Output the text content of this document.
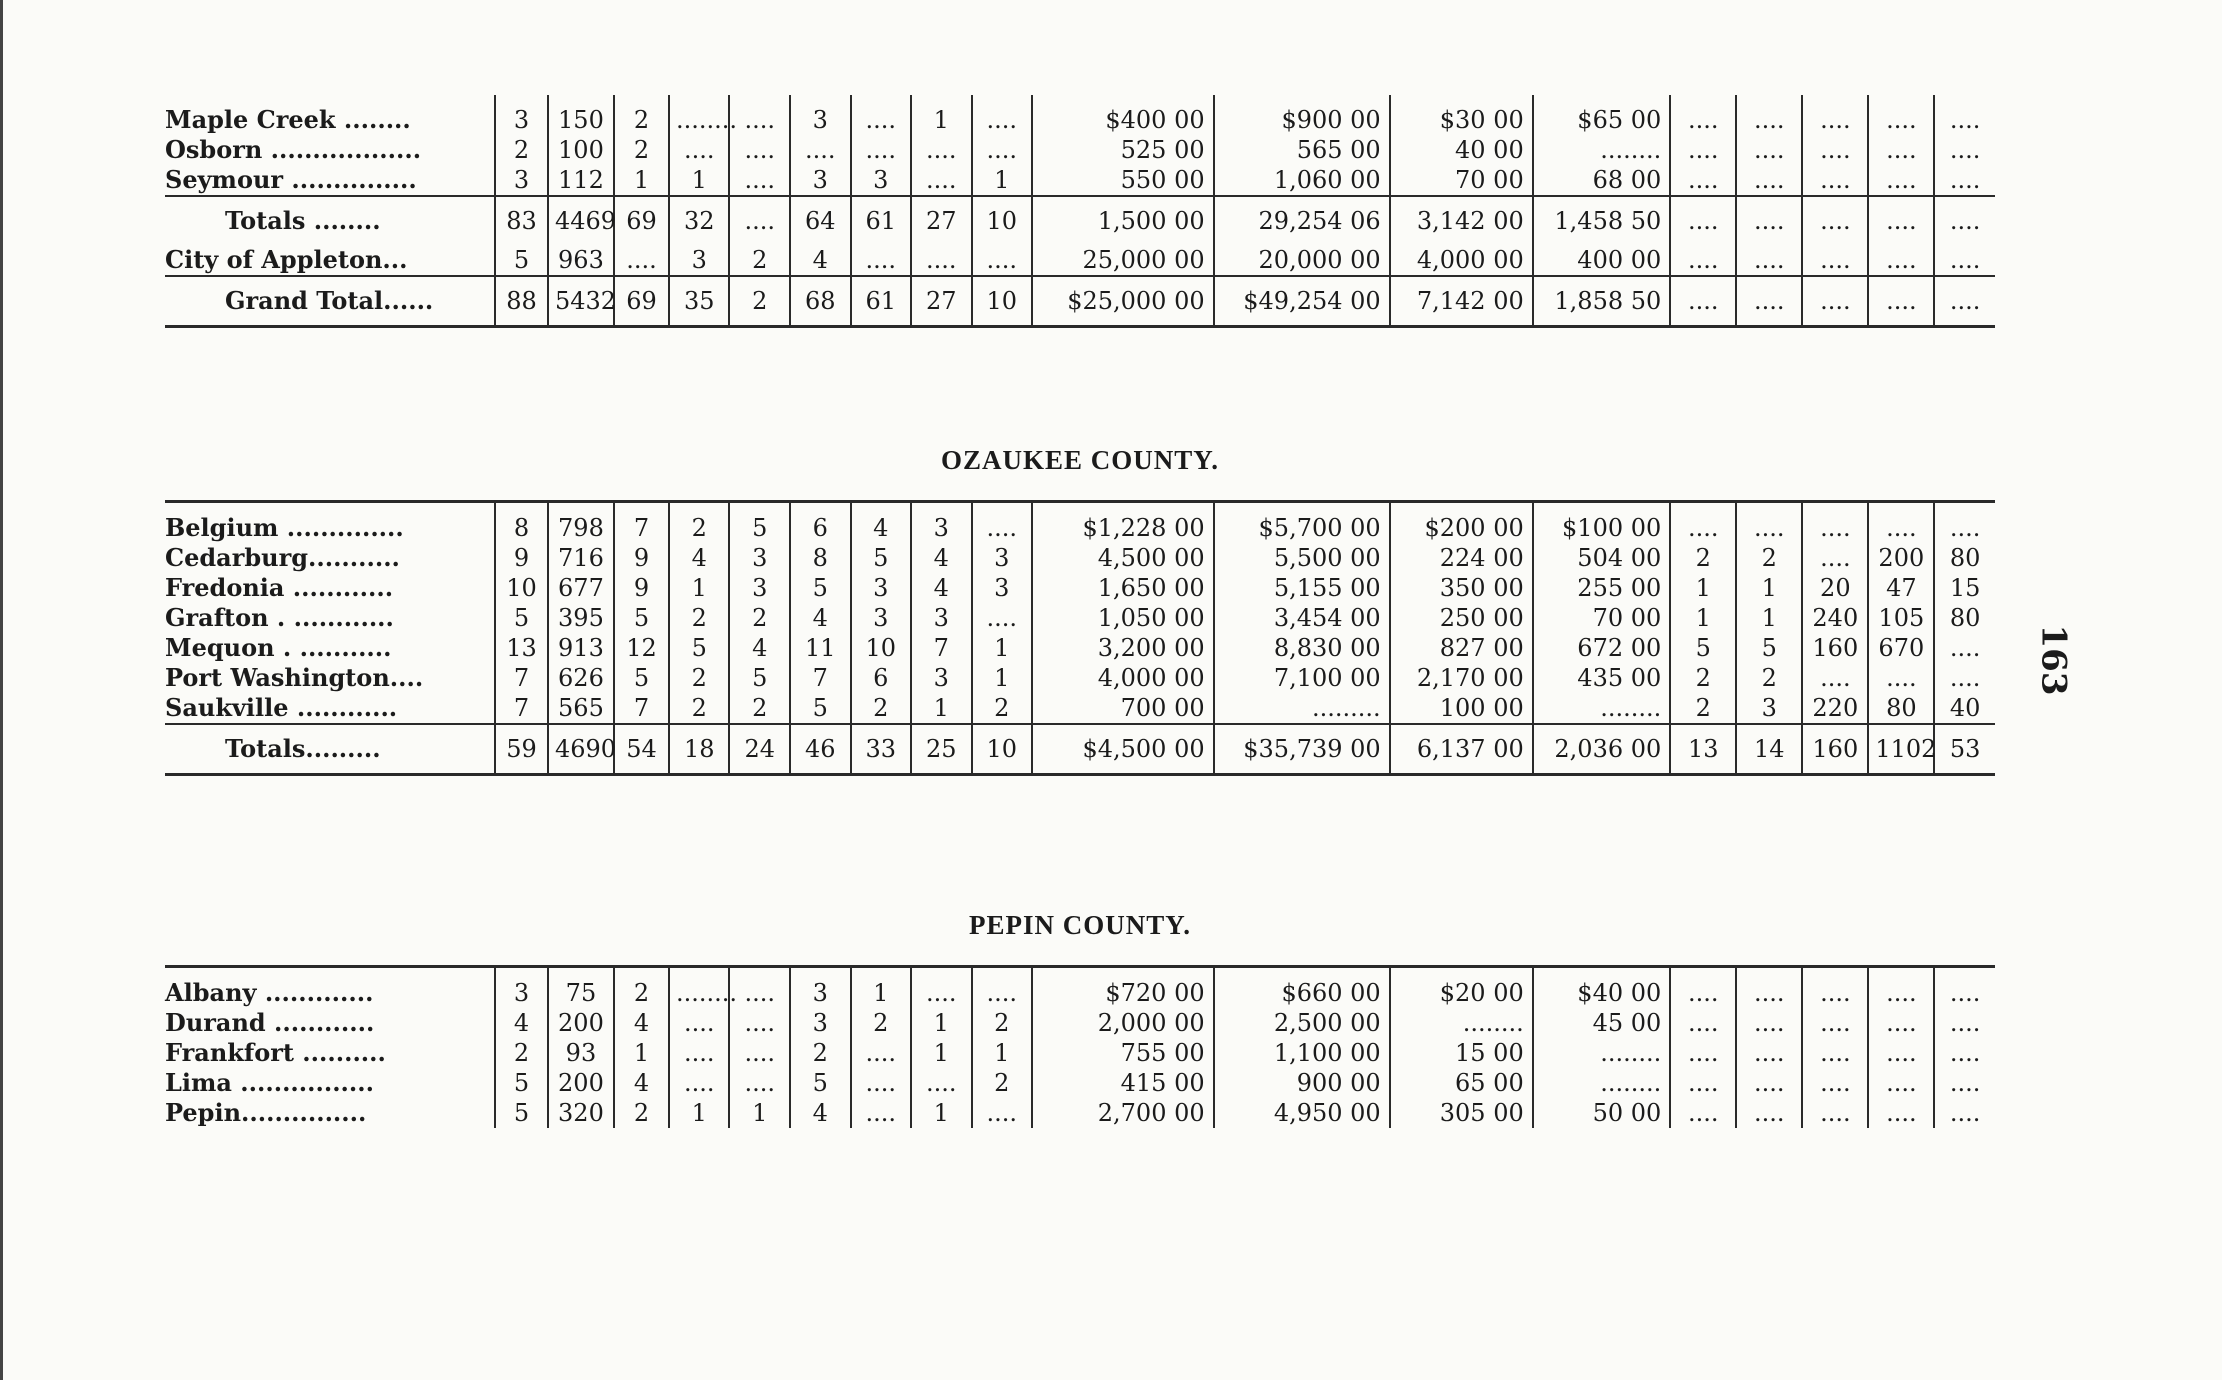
163
Maple Creek ........	3	150	2	........	....	3	....	1	....	$400 00	$900 00	$30 00	$65 00	....	....	....	....	....
Osborn ..................	2	100	2	....	....	....	....	....	....	525 00	565 00	40 00	........	....	....	....	....	....
Seymour ...............	3	112	1	1	....	3	3	....	1	550 00	1,060 00	70 00	68 00	....	....	....	....	....
Totals ........	83	4469	69	32	....	64	61	27	10	1,500 00	29,254 06	3,142 00	1,458 50	....	....	....	....	....
City of Appleton...	5	963	....	3	2	4	....	....	....	25,000 00	20,000 00	4,000 00	400 00	....	....	....	....	....
Grand Total......	88	5432	69	35	2	68	61	27	10	$25,000 00	$49,254 00	7,142 00	1,858 50	....	....	....	....	....
OZAUKEE COUNTY.
Belgium ..............	8	798	7	2	5	6	4	3	....	$1,228 00	$5,700 00	$200 00	$100 00	....	....	....	....	....
Cedarburg...........	9	716	9	4	3	8	5	4	3	4,500 00	5,500 00	224 00	504 00	2	2	....	200	80
Fredonia ............	10	677	9	1	3	5	3	4	3	1,650 00	5,155 00	350 00	255 00	1	1	20	47	15
Grafton . ............	5	395	5	2	2	4	3	3	....	1,050 00	3,454 00	250 00	70 00	1	1	240	105	80
Mequon . ...........	13	913	12	5	4	11	10	7	1	3,200 00	8,830 00	827 00	672 00	5	5	160	670	....
Port Washington....	7	626	5	2	5	7	6	3	1	4,000 00	7,100 00	2,170 00	435 00	2	2	....	....	....
Saukville ............	7	565	7	2	2	5	2	1	2	700 00	.........	100 00	........	2	3	220	80	40
Totals.........	59	4690	54	18	24	46	33	25	10	$4,500 00	$35,739 00	6,137 00	2,036 00	13	14	160	1102	53
PEPIN COUNTY.
Albany .............	3	75	2	........	....	3	1	....	....	$720 00	$660 00	$20 00	$40 00	....	....	....	....	....
Durand ............	4	200	4	....	....	3	2	1	2	2,000 00	2,500 00	........	45 00	....	....	....	....	....
Frankfort ..........	2	93	1	....	....	2	....	1	1	755 00	1,100 00	15 00	........	....	....	....	....	....
Lima ................	5	200	4	....	....	5	....	....	2	415 00	900 00	65 00	........	....	....	....	....	....
Pepin...............	5	320	2	1	1	4	....	1	....	2,700 00	4,950 00	305 00	50 00	....	....	....	....	....
